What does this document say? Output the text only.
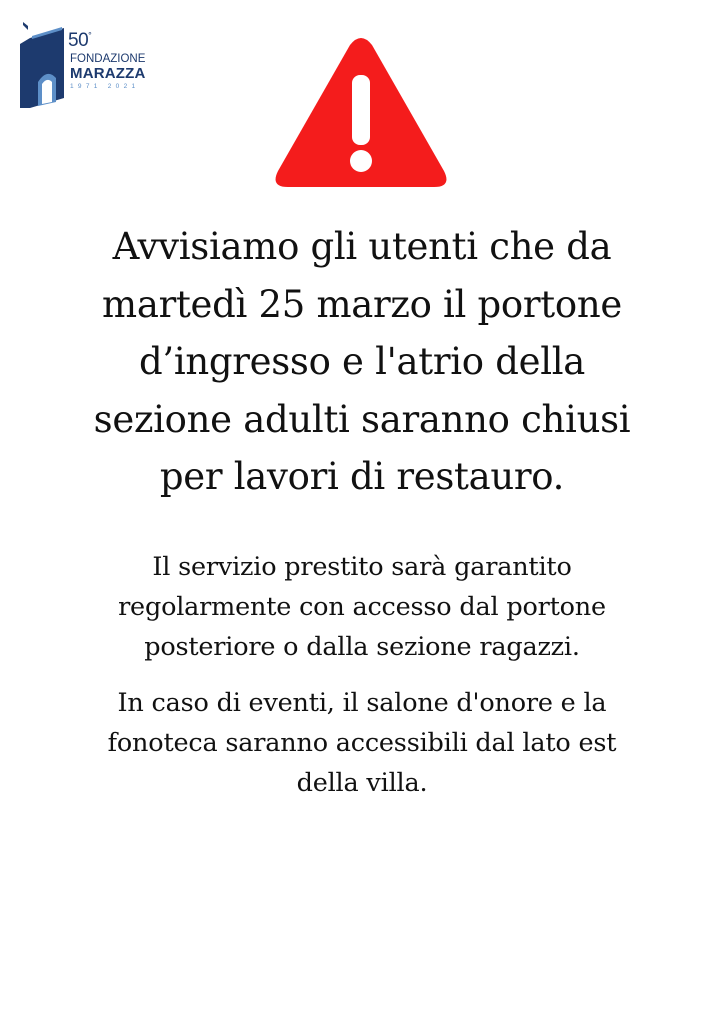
50°
FONDAZIONE
MARAZZA
1971 2021
Avvisiamo gli utenti che da
martedì 25 marzo il portone
d’ingresso e l'atrio della
sezione adulti saranno chiusi
per lavori di restauro.

Il servizio prestito sarà garantito
regolarmente con accesso dal portone
posteriore o dalla sezione ragazzi.

In caso di eventi, il salone d'onore e la
fonoteca saranno accessibili dal lato est
della villa.
